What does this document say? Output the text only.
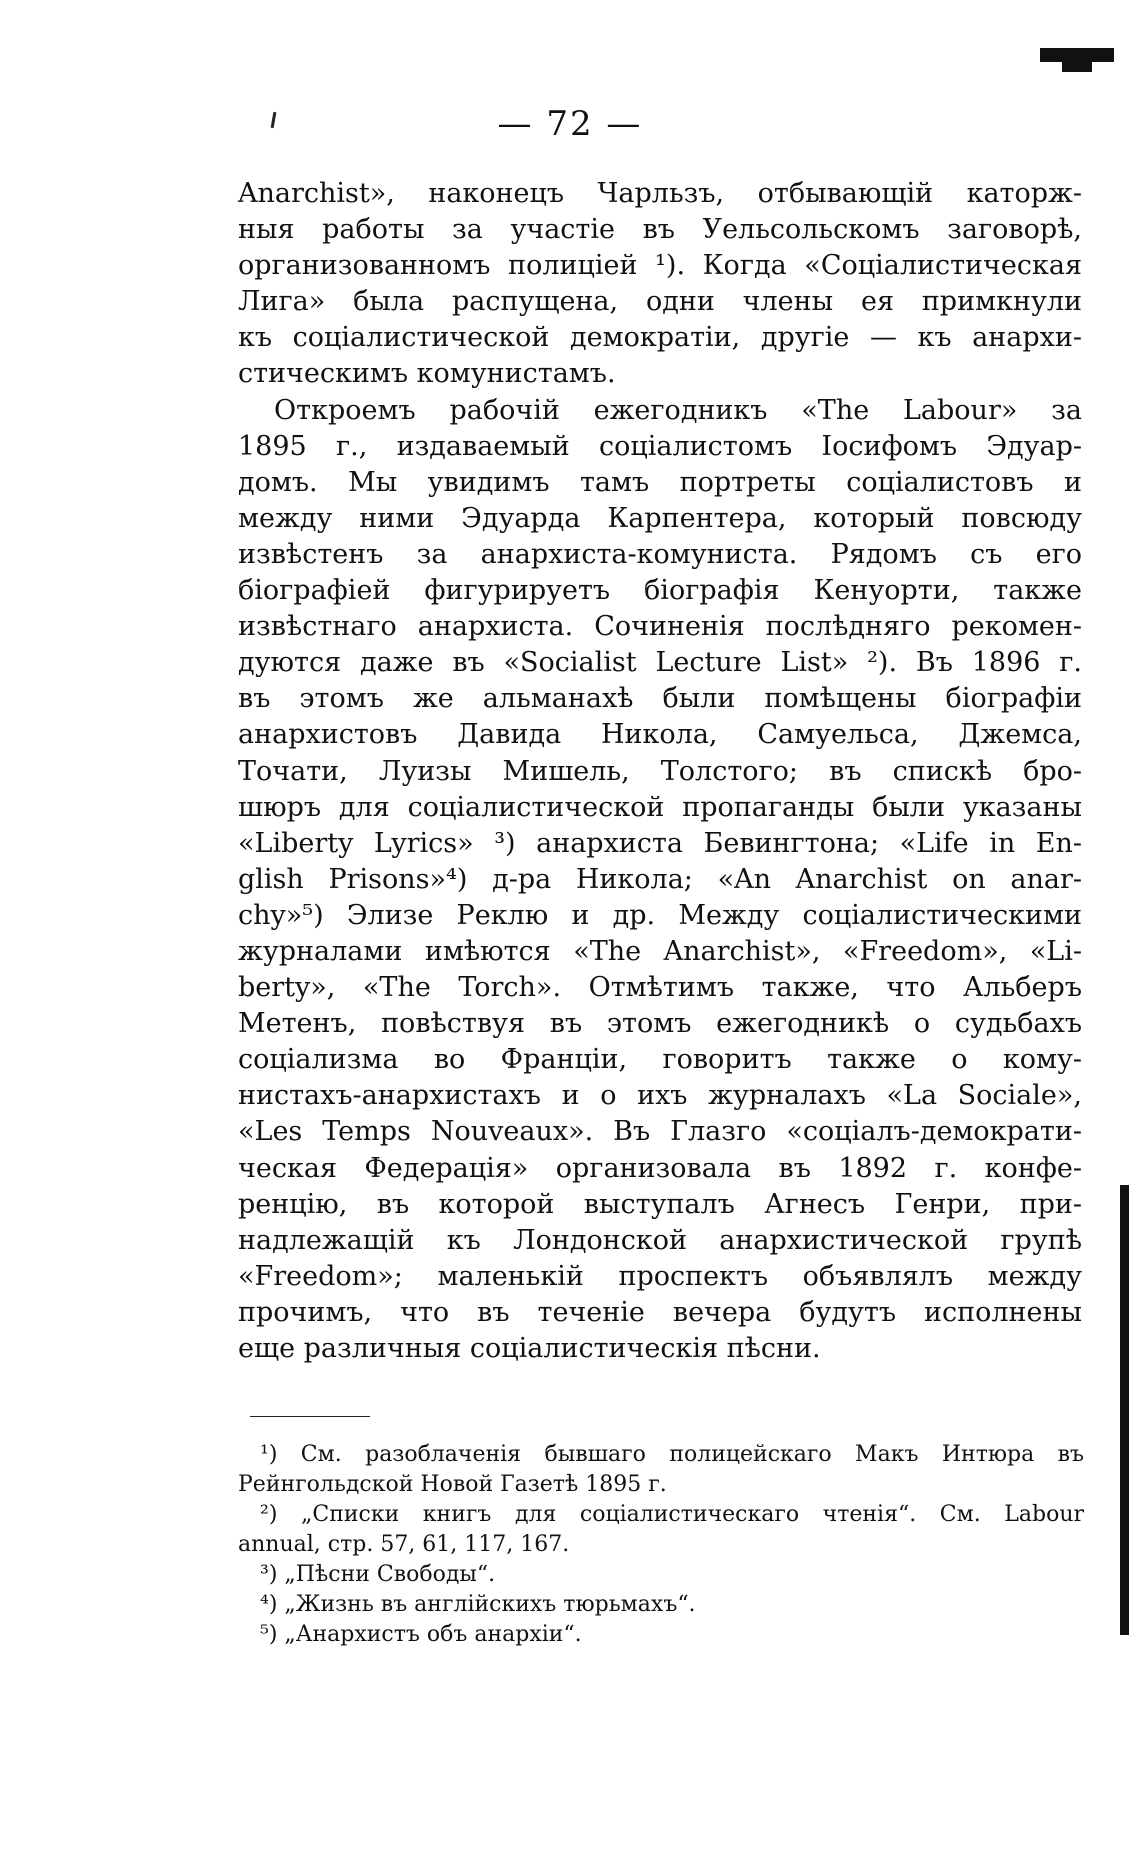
— 72 —
Anarchist», наконецъ Чарльзъ, отбывающій каторж-
ныя работы за участіе въ Уельсольскомъ заговорѣ,
организованномъ полиціей ¹). Когда «Соціалистическая
Лига» была распущена, одни члены ея примкнули
къ соціалистической демократіи, другіе — къ анархи-
стическимъ комунистамъ.
Откроемъ рабочій ежегодникъ «The Labour» за
1895 г., издаваемый соціалистомъ Іосифомъ Эдуар-
домъ. Мы увидимъ тамъ портреты соціалистовъ и
между ними Эдуарда Карпентера, который повсюду
извѣстенъ за анархиста-комуниста. Рядомъ съ его
біографіей фигурируетъ біографія Кенуорти, также
извѣстнаго анархиста. Сочиненія послѣдняго рекомен-
дуются даже въ «Socialist Lecture List» ²). Въ 1896 г.
въ этомъ же альманахѣ были помѣщены біографіи
анархистовъ Давида Никола, Самуельса, Джемса,
Точати, Луизы Мишель, Толстого; въ спискѣ бро-
шюръ для соціалистической пропаганды были указаны
«Liberty Lyrics» ³) анархиста Бевингтона; «Life in En-
glish Prisons»⁴) д-ра Никола; «An Anarchist on anar-
chy»⁵) Элизе Реклю и др. Между соціалистическими
журналами имѣются «The Anarchist», «Freedom», «Li-
berty», «The Torch». Отмѣтимъ также, что Альберъ
Метенъ, повѣствуя въ этомъ ежегодникѣ о судьбахъ
соціализма во Франціи, говоритъ также о кому-
нистахъ-анархистахъ и о ихъ журналахъ «La Sociale»,
«Les Temps Nouveaux». Въ Глазго «соціалъ-демократи-
ческая Федерація» организовала въ 1892 г. конфе-
ренцію, въ которой выступалъ Агнесъ Генри, при-
надлежащій къ Лондонской анархистической групѣ
«Freedom»; маленькій проспектъ объявлялъ между
прочимъ, что въ теченіе вечера будутъ исполнены
еще различныя соціалистическія пѣсни.
¹) См. разоблаченія бывшаго полицейскаго Макъ Интюра въ
Рейнгольдской Новой Газетѣ 1895 г.
²) „Списки книгъ для соціалистическаго чтенія“. См. Labour
annual, стр. 57, 61, 117, 167.
³) „Пѣсни Свободы“.
⁴) „Жизнь въ англійскихъ тюрьмахъ“.
⁵) „Анархистъ объ анархіи“.
